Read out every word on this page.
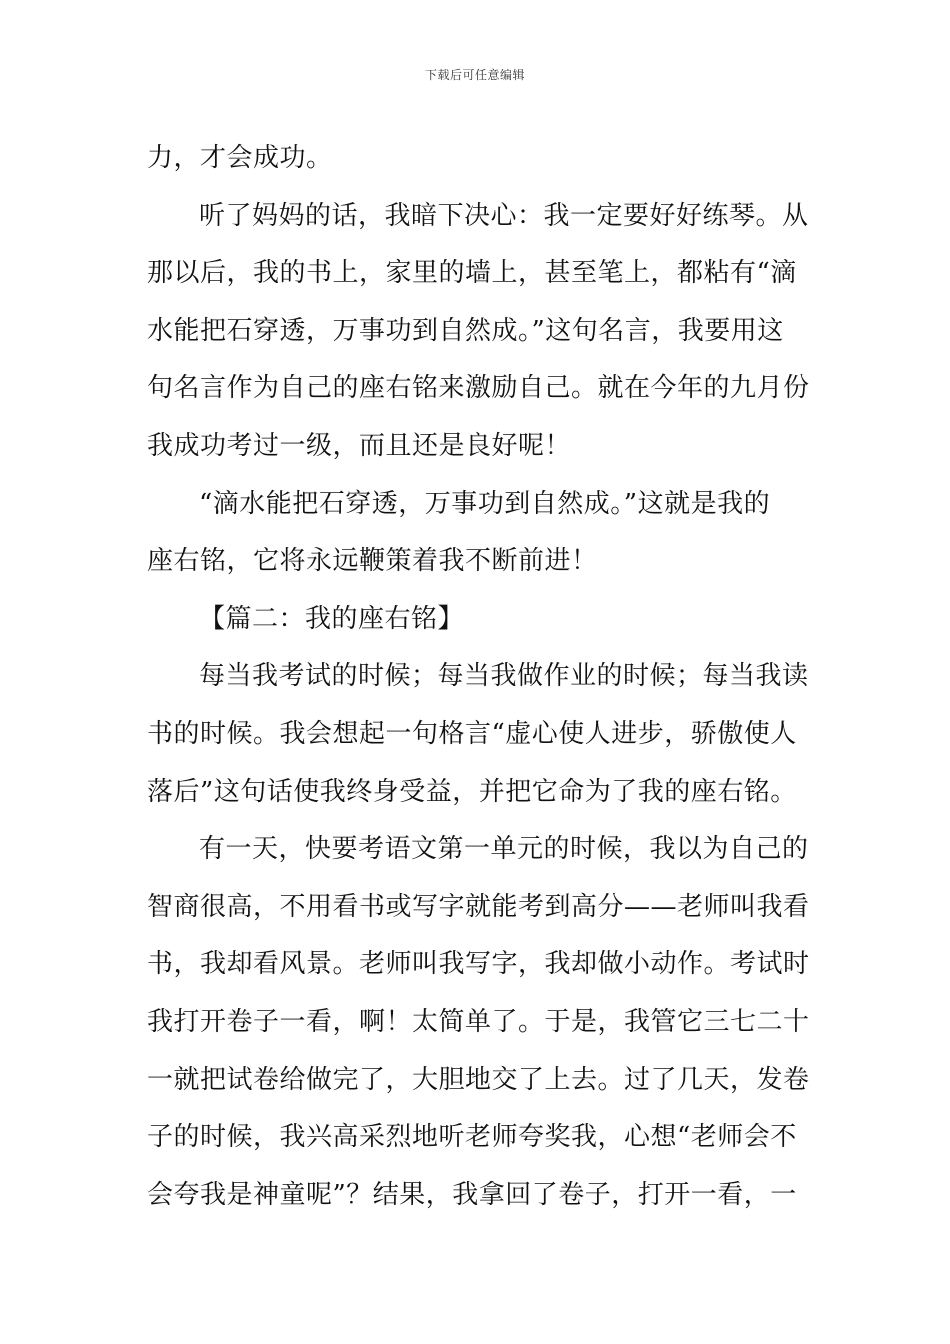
下载后可任意编辑
力，才会成功。
听了妈妈的话，我暗下决心：我一定要好好练琴。从
那以后，我的书上，家里的墙上，甚至笔上，都粘有“滴
水能把石穿透，万事功到自然成。”这句名言，我要用这
句名言作为自己的座右铭来激励自己。就在今年的九月份
我成功考过一级，而且还是良好呢！
“滴水能把石穿透，万事功到自然成。”这就是我的
座右铭，它将永远鞭策着我不断前进！
【篇二：我的座右铭】
每当我考试的时候；每当我做作业的时候；每当我读
书的时候。我会想起一句格言“虚心使人进步，骄傲使人
落后”这句话使我终身受益，并把它命为了我的座右铭。
有一天，快要考语文第一单元的时候，我以为自己的
智商很高，不用看书或写字就能考到高分——老师叫我看
书，我却看风景。老师叫我写字，我却做小动作。考试时
我打开卷子一看，啊！太简单了。于是，我管它三七二十
一就把试卷给做完了，大胆地交了上去。过了几天，发卷
子的时候，我兴高采烈地听老师夸奖我，心想“老师会不
会夸我是神童呢”？结果，我拿回了卷子，打开一看，一
